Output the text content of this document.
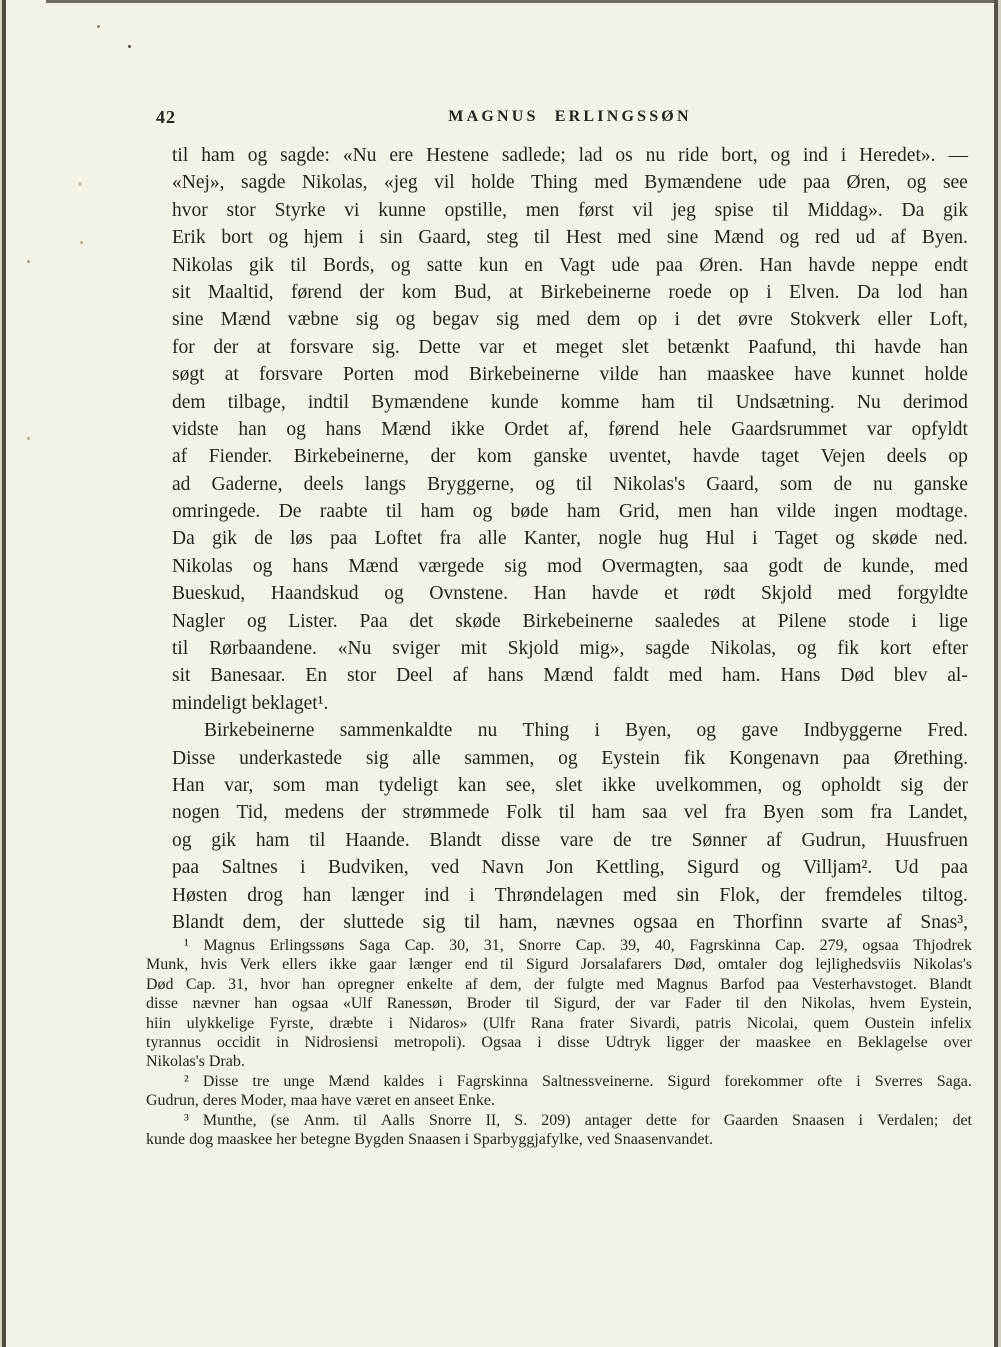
42	MAGNUS ERLINGSSØN
til ham og sagde: «Nu ere Hestene sadlede; lad os nu ride bort, og ind i Heredet». —
«Nej», sagde Nikolas, «jeg vil holde Thing med Bymændene ude paa Øren, og see
hvor stor Styrke vi kunne opstille, men først vil jeg spise til Middag». Da gik
Erik bort og hjem i sin Gaard, steg til Hest med sine Mænd og red ud af Byen.
Nikolas gik til Bords, og satte kun en Vagt ude paa Øren. Han havde neppe endt
sit Maaltid, førend der kom Bud, at Birkebeinerne roede op i Elven. Da lod han
sine Mænd væbne sig og begav sig med dem op i det øvre Stokverk eller Loft,
for der at forsvare sig. Dette var et meget slet betænkt Paafund, thi havde han
søgt at forsvare Porten mod Birkebeinerne vilde han maaskee have kunnet holde
dem tilbage, indtil Bymændene kunde komme ham til Undsætning. Nu derimod
vidste han og hans Mænd ikke Ordet af, førend hele Gaardsrummet var opfyldt
af Fiender. Birkebeinerne, der kom ganske uventet, havde taget Vejen deels op
ad Gaderne, deels langs Bryggerne, og til Nikolas's Gaard, som de nu ganske
omringede. De raabte til ham og bøde ham Grid, men han vilde ingen modtage.
Da gik de løs paa Loftet fra alle Kanter, nogle hug Hul i Taget og skøde ned.
Nikolas og hans Mænd værgede sig mod Overmagten, saa godt de kunde, med
Bueskud, Haandskud og Ovnstene. Han havde et rødt Skjold med forgyldte
Nagler og Lister. Paa det skøde Birkebeinerne saaledes at Pilene stode i lige
til Rørbaandene. «Nu sviger mit Skjold mig», sagde Nikolas, og fik kort efter
sit Banesaar. En stor Deel af hans Mænd faldt med ham. Hans Død blev al-
mindeligt beklaget¹.
Birkebeinerne sammenkaldte nu Thing i Byen, og gave Indbyggerne Fred.
Disse underkastede sig alle sammen, og Eystein fik Kongenavn paa Ørething.
Han var, som man tydeligt kan see, slet ikke uvelkommen, og opholdt sig der
nogen Tid, medens der strømmede Folk til ham saa vel fra Byen som fra Landet,
og gik ham til Haande. Blandt disse vare de tre Sønner af Gudrun, Huusfruen
paa Saltnes i Budviken, ved Navn Jon Kettling, Sigurd og Villjam². Ud paa
Høsten drog han længer ind i Thrøndelagen med sin Flok, der fremdeles tiltog.
Blandt dem, der sluttede sig til ham, nævnes ogsaa en Thorfinn svarte af Snas³,
¹ Magnus Erlingssøns Saga Cap. 30, 31, Snorre Cap. 39, 40, Fagrskinna Cap. 279, ogsaa Thjodrek
Munk, hvis Verk ellers ikke gaar længer end til Sigurd Jorsalafarers Død, omtaler dog lejlighedsviis Nikolas's
Død Cap. 31, hvor han opregner enkelte af dem, der fulgte med Magnus Barfod paa Vesterhavstoget. Blandt
disse nævner han ogsaa «Ulf Ranessøn, Broder til Sigurd, der var Fader til den Nikolas, hvem Eystein,
hiin ulykkelige Fyrste, dræbte i Nidaros» (Ulfr Rana frater Sivardi, patris Nicolai, quem Oustein infelix
tyrannus occidit in Nidrosiensi metropoli). Ogsaa i disse Udtryk ligger der maaskee en Beklagelse over
Nikolas's Drab.
² Disse tre unge Mænd kaldes i Fagrskinna Saltnessveinerne. Sigurd forekommer ofte i Sverres Saga.
Gudrun, deres Moder, maa have været en anseet Enke.
³ Munthe, (se Anm. til Aalls Snorre II, S. 209) antager dette for Gaarden Snaasen i Verdalen; det
kunde dog maaskee her betegne Bygden Snaasen i Sparbyggjafylke, ved Snaasenvandet.
